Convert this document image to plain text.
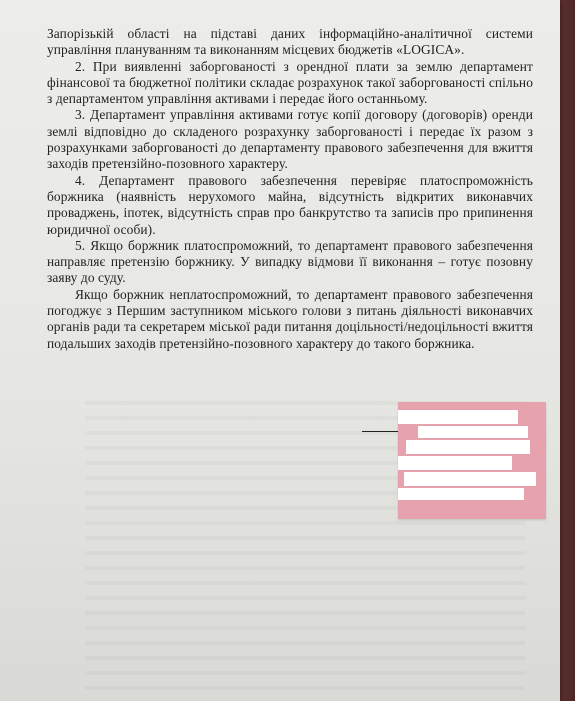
Запорізькій області на підставі даних інформаційно-аналітичної системи управління плануванням та виконанням місцевих бюджетів «LOGICA».

2. При виявленні заборгованості з орендної плати за землю департамент фінансової та бюджетної політики складає розрахунок такої заборгованості спільно з департаментом управління активами і передає його останньому.

3. Департамент управління активами готує копії договору (договорів) оренди землі відповідно до складеного розрахунку заборгованості і передає їх разом з розрахунками заборгованості до департаменту правового забезпечення для вжиття заходів претензійно-позовного характеру.

4. Департамент правового забезпечення перевіряє платоспроможність боржника (наявність нерухомого майна, відсутність відкритих виконавчих проваджень, іпотек, відсутність справ про банкрутство та записів про припинення юридичної особи).

5. Якщо боржник платоспроможний, то департамент правового забезпечення направляє претензію боржнику. У випадку відмови її виконання – готує позовну заяву до суду.

Якщо боржник неплатоспроможний, то департамент правового забезпечення погоджує з Першим заступником міського голови з питань діяльності виконавчих органів ради та секретарем міської ради питання доцільності/недоцільності вжиття подальших заходів претензійно-позовного характеру до такого боржника.
